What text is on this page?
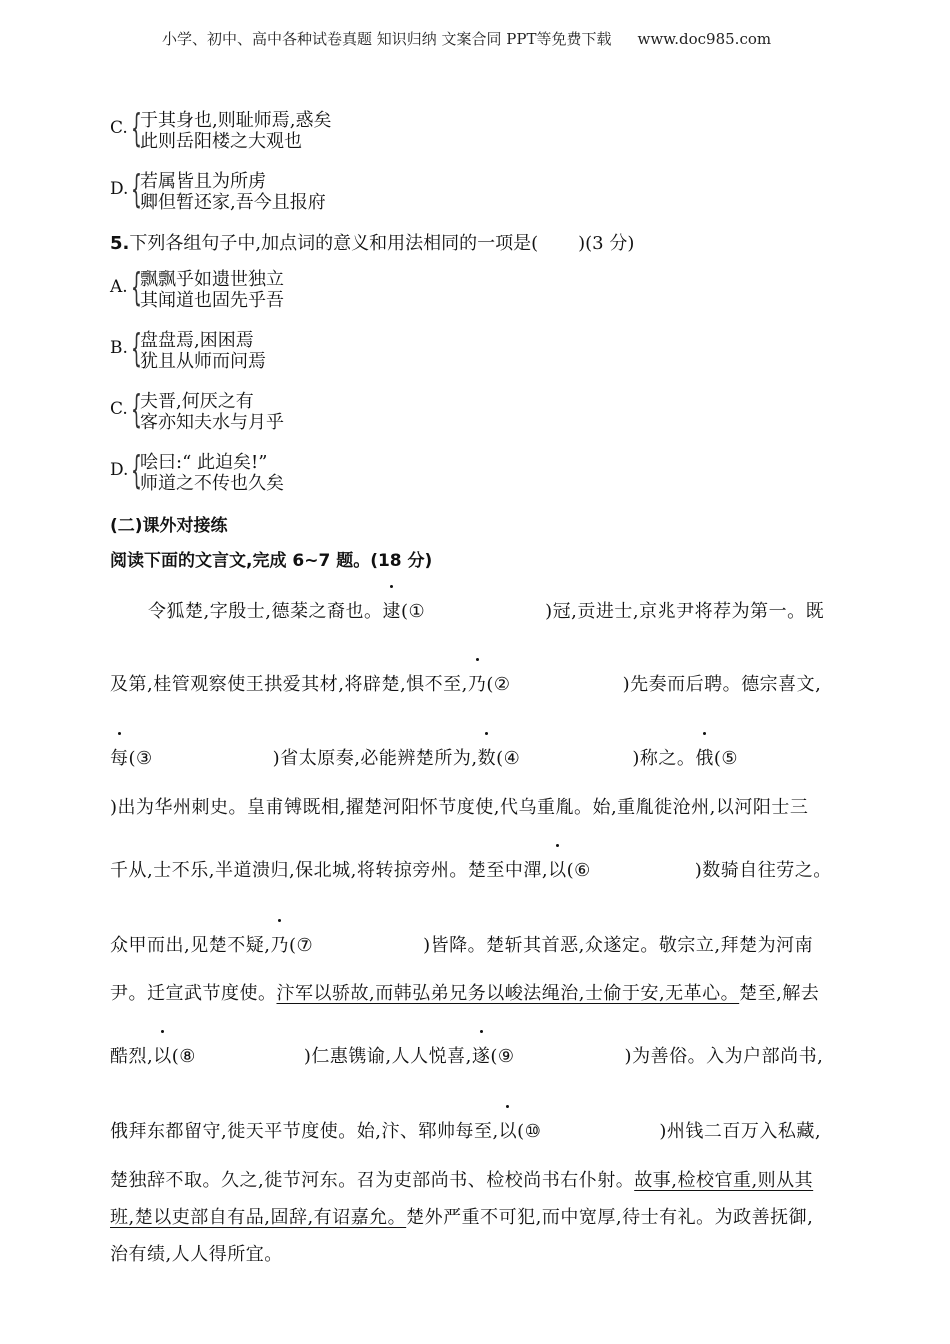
小学、初中、高中各种试卷真题 知识归纳 文案合同 PPT等免费下载 www.doc985.com
C. {
于其身也,则耻师焉,惑矣
此则岳阳楼之大观也
D. {
若属皆且为所虏
卿但暂还家,吾今且报府
5.下列各组句子中,加点词的意义和用法相同的一项是( )(3 分)
A. {
飘飘乎如遗世独立
其闻道也固先乎吾
B. {
盘盘焉,困困焉
犹且从师而问焉
C. {
夫晋,何厌之有
客亦知夫水与月乎
D. {
哙曰:“ 此迫矣!”
师道之不传也久矣
(二)课外对接练
阅读下面的文言文,完成 6~7 题。(18 分)
令狐楚,字殷士,德棻之裔也。逮(①	)冠,贡进士,京兆尹将荐为第一。既
及第,桂管观察使王拱爱其材,将辟楚,惧不至,乃(②	)先奏而后聘。德宗喜文,
每(③	)省太原奏,必能辨楚所为,数(④	)称之。俄(⑤
)出为华州刺史。皇甫镈既相,擢楚河阳怀节度使,代乌重胤。始,重胤徙沧州,以河阳士三
千从,士不乐,半道溃归,保北城,将转掠旁州。楚至中潬,以(⑥	)数骑自往劳之。
众甲而出,见楚不疑,乃(⑦	)皆降。楚斩其首恶,众遂定。敬宗立,拜楚为河南
尹。迁宣武节度使。汴军以骄故,而韩弘弟兄务以峻法绳治,士偷于安,无革心。楚至,解去
酷烈,以(⑧	)仁惠镌谕,人人悦喜,遂(⑨	)为善俗。入为户部尚书,
俄拜东都留守,徙天平节度使。始,汴、郓帅每至,以(⑩	)州钱二百万入私藏,
楚独辞不取。久之,徙节河东。召为吏部尚书、检校尚书右仆射。故事,检校官重,则从其
班,楚以吏部自有品,固辞,有诏嘉允。楚外严重不可犯,而中宽厚,待士有礼。为政善抚御,
治有绩,人人得所宜。
